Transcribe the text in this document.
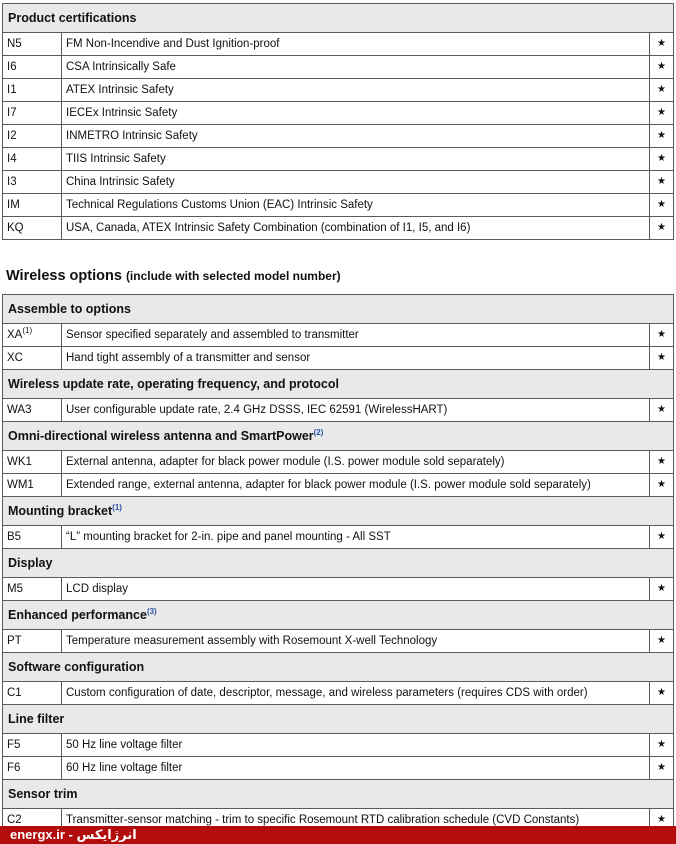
Product certifications
N5	FM Non-Incendive and Dust Ignition-proof	★
I6	CSA Intrinsically Safe	★
I1	ATEX Intrinsic Safety	★
I7	IECEx Intrinsic Safety	★
I2	INMETRO Intrinsic Safety	★
I4	TIIS Intrinsic Safety	★
I3	China Intrinsic Safety	★
IM	Technical Regulations Customs Union (EAC) Intrinsic Safety	★
KQ	USA, Canada, ATEX Intrinsic Safety Combination (combination of I1, I5, and I6)	★
Wireless options (include with selected model number)
Assemble to options
XA$^{(1)}$	Sensor specified separately and assembled to transmitter	★
XC	Hand tight assembly of a transmitter and sensor	★
Wireless update rate, operating frequency, and protocol
WA3	User configurable update rate, 2.4 GHz DSSS, IEC 62591 (WirelessHART)	★
Omni-directional wireless antenna and SmartPower$^{(2)}$
WK1	External antenna, adapter for black power module (I.S. power module sold separately)	★
WM1	Extended range, external antenna, adapter for black power module (I.S. power module sold separately)	★
Mounting bracket$^{(1)}$
B5	“L” mounting bracket for 2-in. pipe and panel mounting - All SST	★
Display
M5	LCD display	★
Enhanced performance$^{(3)}$
PT	Temperature measurement assembly with Rosemount X-well Technology	★
Software configuration
C1	Custom configuration of date, descriptor, message, and wireless parameters (requires CDS with order)	★
Line filter
F5	50 Hz line voltage filter	★
F6	60 Hz line voltage filter	★
Sensor trim
C2	Transmitter-sensor matching - trim to specific Rosemount RTD calibration schedule (CVD Constants)	★
energx.ir - انرژایکس
